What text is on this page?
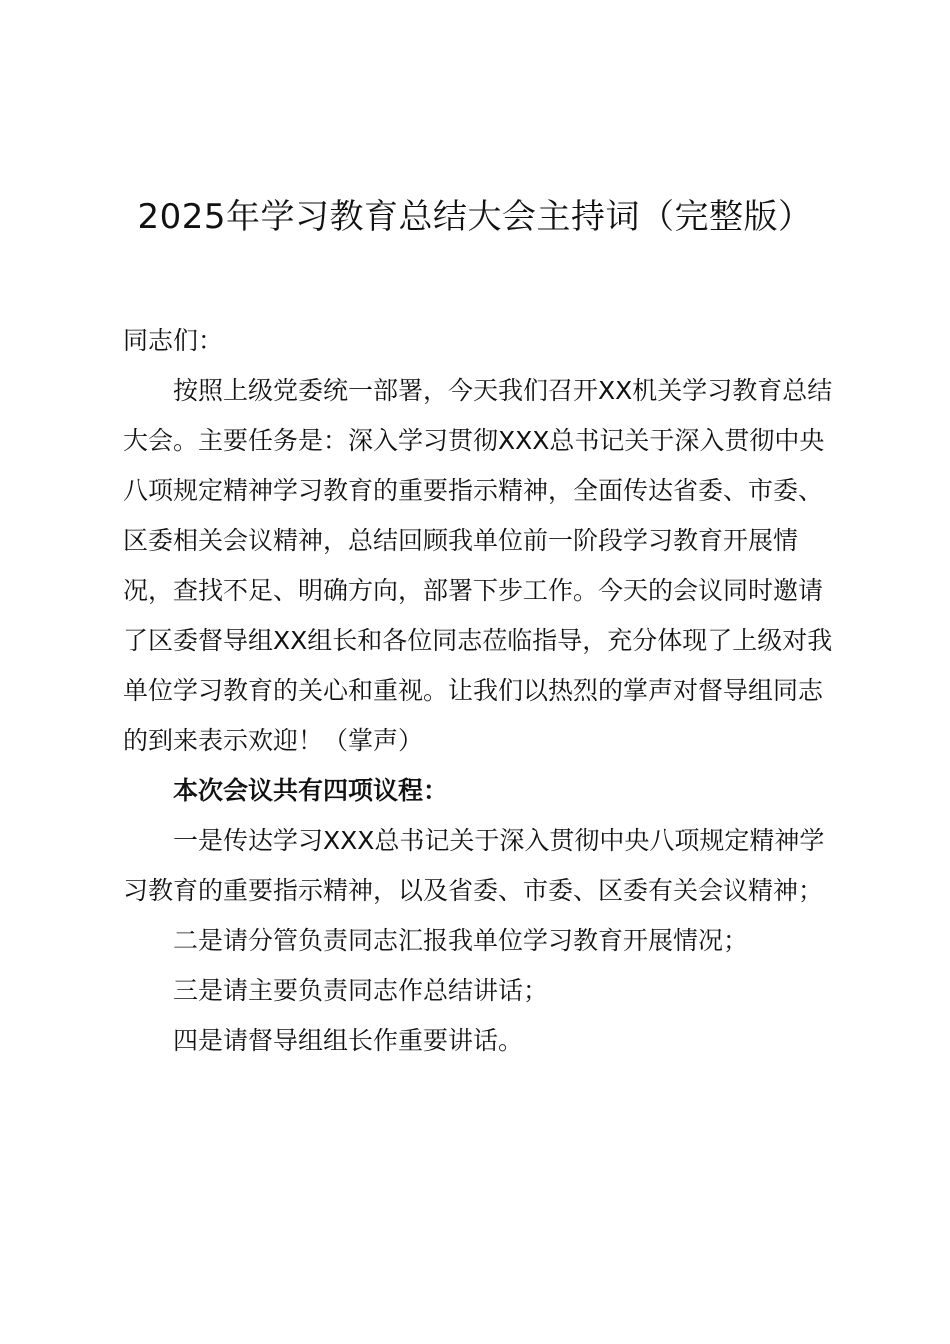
2025年学习教育总结大会主持词（完整版）

同志们：

按照上级党委统一部署，今天我们召开XX机关学习教育总结大会。主要任务是：深入学习贯彻XXX总书记关于深入贯彻中央八项规定精神学习教育的重要指示精神，全面传达省委、市委、区委相关会议精神，总结回顾我单位前一阶段学习教育开展情况，查找不足、明确方向，部署下步工作。今天的会议同时邀请了区委督导组XX组长和各位同志莅临指导，充分体现了上级对我单位学习教育的关心和重视。让我们以热烈的掌声对督导组同志的到来表示欢迎！（掌声）

本次会议共有四项议程：

一是传达学习XXX总书记关于深入贯彻中央八项规定精神学习教育的重要指示精神，以及省委、市委、区委有关会议精神；

二是请分管负责同志汇报我单位学习教育开展情况；

三是请主要负责同志作总结讲话；

四是请督导组组长作重要讲话。
